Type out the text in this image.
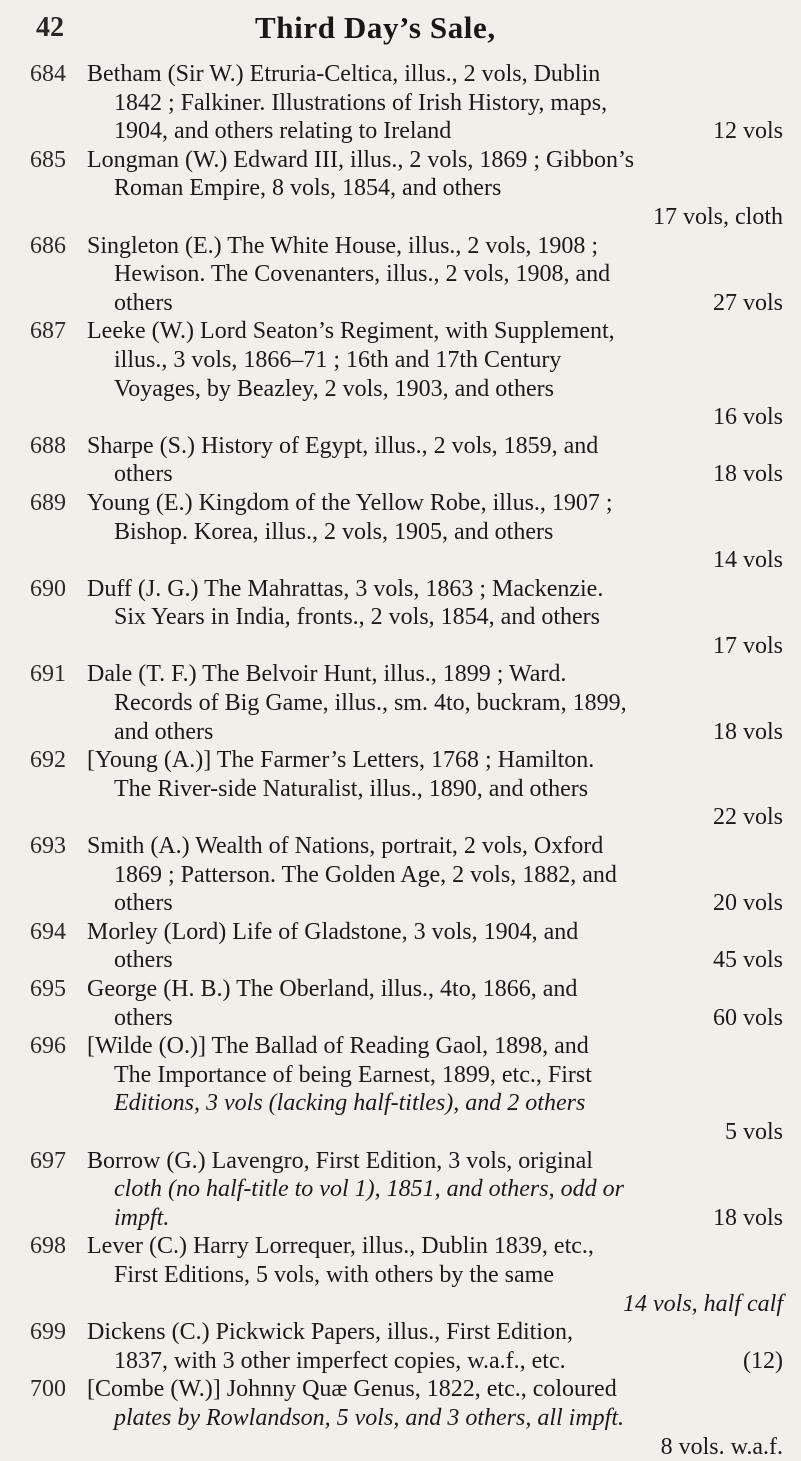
42	Third Day’s Sale,
684 Betham (Sir W.) Etruria-Celtica, illus., 2 vols, Dublin
1842 ; Falkiner. Illustrations of Irish History, maps,
1904, and others relating to Ireland	12 vols
685 Longman (W.) Edward III, illus., 2 vols, 1869 ; Gibbon’s
Roman Empire, 8 vols, 1854, and others
17 vols, cloth
686 Singleton (E.) The White House, illus., 2 vols, 1908 ;
Hewison. The Covenanters, illus., 2 vols, 1908, and
others	27 vols
687 Leeke (W.) Lord Seaton’s Regiment, with Supplement,
illus., 3 vols, 1866–71 ; 16th and 17th Century
Voyages, by Beazley, 2 vols, 1903, and others
16 vols
688 Sharpe (S.) History of Egypt, illus., 2 vols, 1859, and
others	18 vols
689 Young (E.) Kingdom of the Yellow Robe, illus., 1907 ;
Bishop. Korea, illus., 2 vols, 1905, and others
14 vols
690 Duff (J. G.) The Mahrattas, 3 vols, 1863 ; Mackenzie.
Six Years in India, fronts., 2 vols, 1854, and others
17 vols
691 Dale (T. F.) The Belvoir Hunt, illus., 1899 ; Ward.
Records of Big Game, illus., sm. 4to, buckram, 1899,
and others	18 vols
692 [Young (A.)] The Farmer’s Letters, 1768 ; Hamilton.
The River-side Naturalist, illus., 1890, and others
22 vols
693 Smith (A.) Wealth of Nations, portrait, 2 vols, Oxford
1869 ; Patterson. The Golden Age, 2 vols, 1882, and
others	20 vols
694 Morley (Lord) Life of Gladstone, 3 vols, 1904, and
others	45 vols
695 George (H. B.) The Oberland, illus., 4to, 1866, and
others	60 vols
696 [Wilde (O.)] The Ballad of Reading Gaol, 1898, and
The Importance of being Earnest, 1899, etc., First
Editions, 3 vols (lacking half-titles), and 2 others
5 vols
697 Borrow (G.) Lavengro, First Edition, 3 vols, original
cloth (no half-title to vol 1), 1851, and others, odd or
impft.	18 vols
698 Lever (C.) Harry Lorrequer, illus., Dublin 1839, etc.,
First Editions, 5 vols, with others by the same
14 vols, half calf
699 Dickens (C.) Pickwick Papers, illus., First Edition,
1837, with 3 other imperfect copies, w.a.f., etc.	(12)
700 [Combe (W.)] Johnny Quæ Genus, 1822, etc., coloured
plates by Rowlandson, 5 vols, and 3 others, all impft.
8 vols. w.a.f.
